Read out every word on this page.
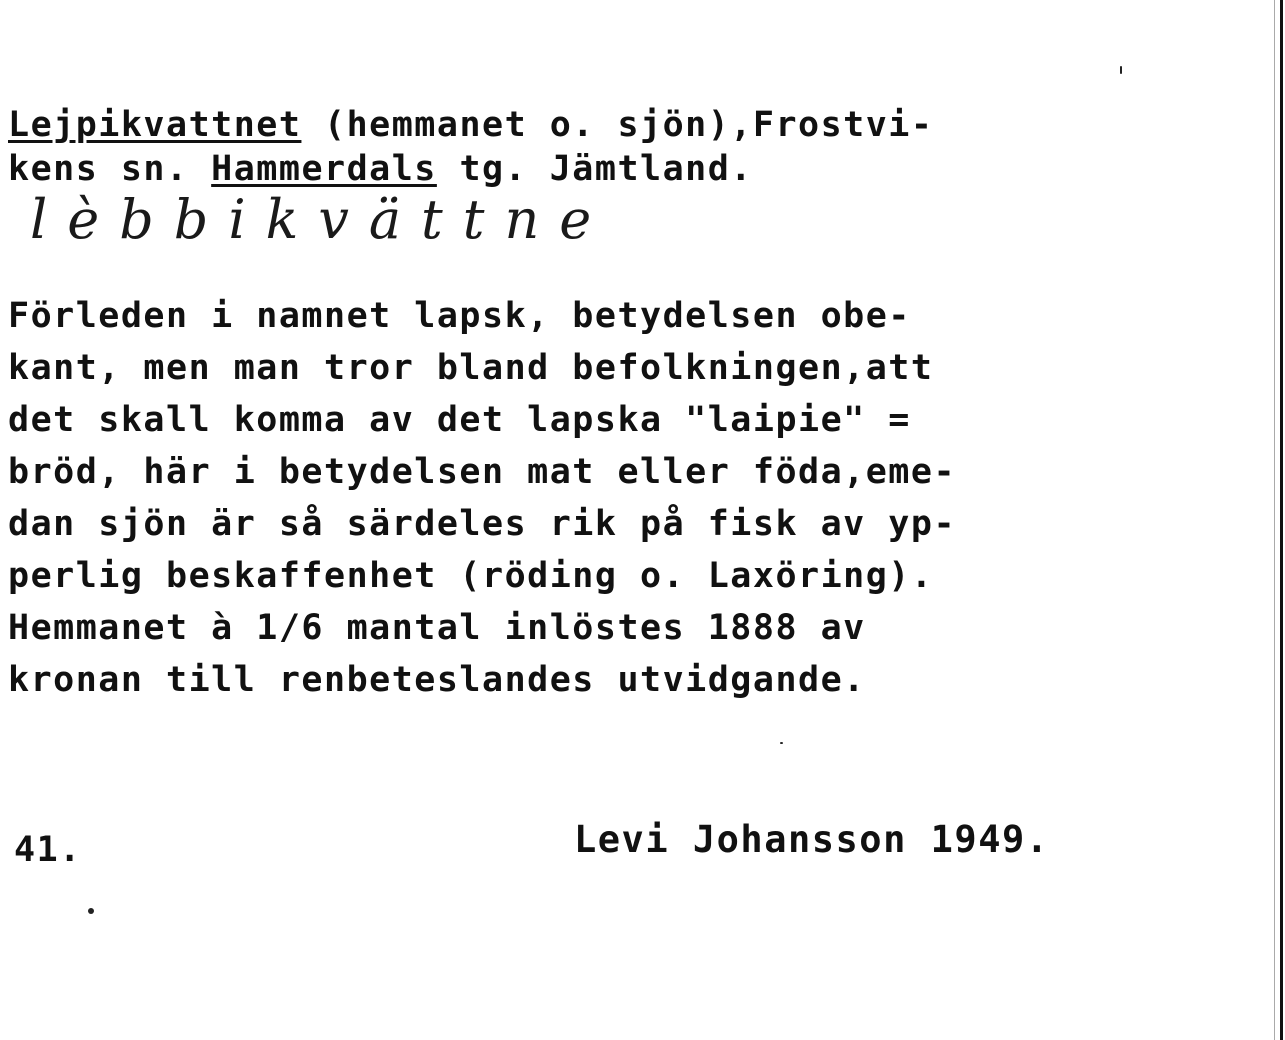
Lejpikvattnet (hemmanet o. sjön),Frostvi-
kens sn. Hammerdals tg. Jämtland.
lèbbikvättne
Förleden i namnet lapsk, betydelsen obe-
kant, men man tror bland befolkningen,att
det skall komma av det lapska "laipie" =
bröd, här i betydelsen mat eller föda,eme-
dan sjön är så särdeles rik på fisk av yp-
perlig beskaffenhet (röding o. Laxöring).
Hemmanet à 1/6 mantal inlöstes 1888 av
kronan till renbeteslandes utvidgande.
41.	Levi Johansson 1949.
